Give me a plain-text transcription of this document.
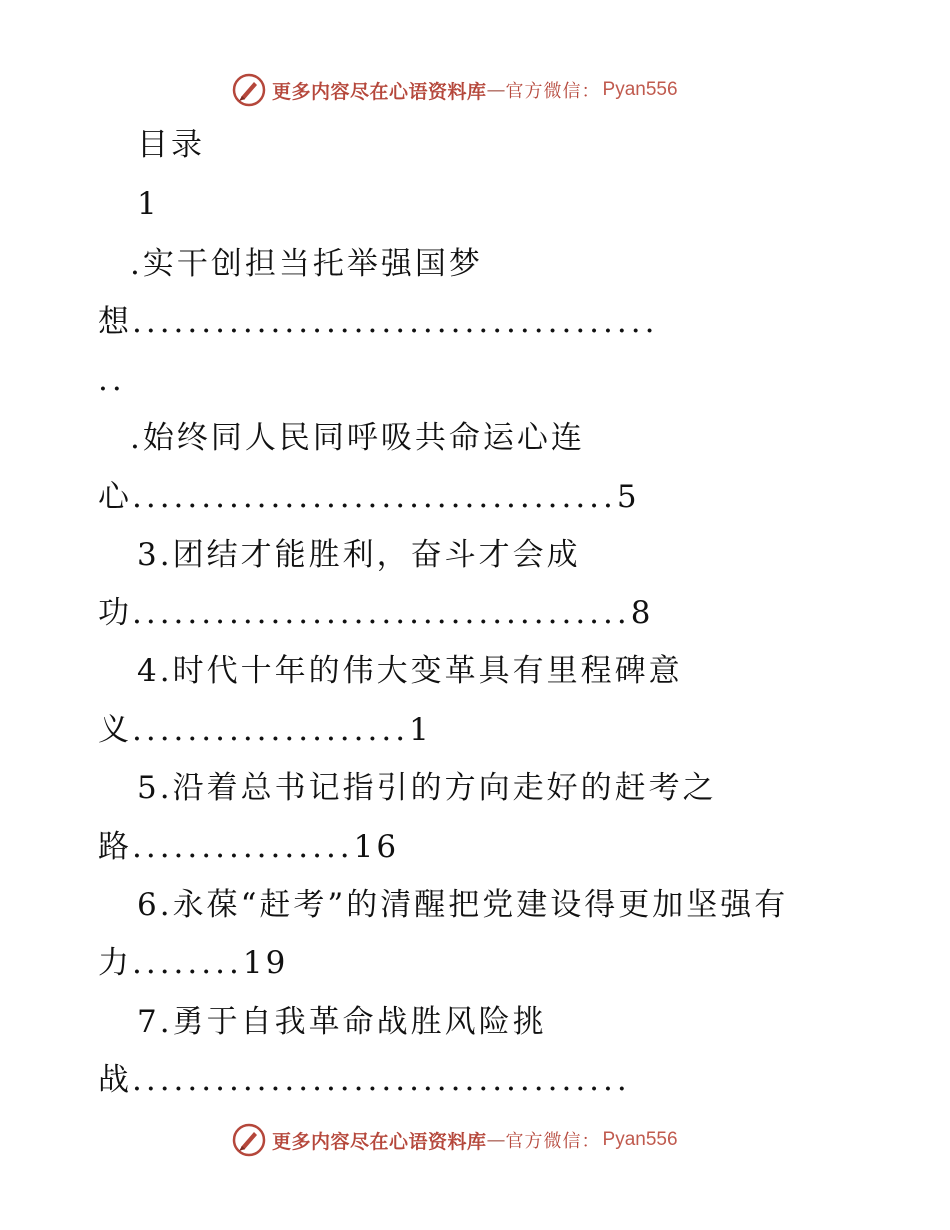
更多内容尽在心语资料库 — 官方微信： Pyan556
目录
1
.实干创担当托举强国梦
想......................................
..
.始终同人民同呼吸共命运心连
心...................................5
3.团结才能胜利，奋斗才会成
功....................................8
4.时代十年的伟大变革具有里程碑意
义....................1
5.沿着总书记指引的方向走好的赶考之
路................16
6.永葆“赶考”的清醒把党建设得更加坚强有
力........19
7.勇于自我革命战胜风险挑
战....................................
更多内容尽在心语资料库 — 官方微信： Pyan556
